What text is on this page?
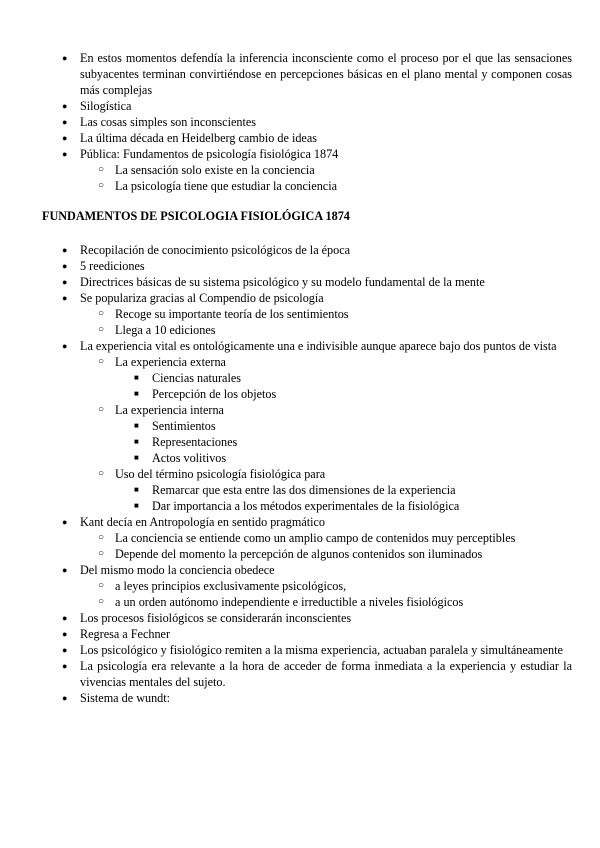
●	En estos momentos defendía la inferencia inconsciente como el proceso por el que las sensaciones subyacentes terminan convirtiéndose en percepciones básicas en el plano mental y componen cosas más complejas
●	Silogística
●	Las cosas simples son inconscientes
●	La última década en Heidelberg cambio de ideas
●	Pública: Fundamentos de psicología fisiológica 1874
○ La sensación solo existe en la conciencia
○ La psicología tiene que estudiar la conciencia
FUNDAMENTOS DE PSICOLOGIA FISIOLÓGICA 1874
●	Recopilación de conocimiento psicológicos de la época
●	5 reediciones
●	Directrices básicas de su sistema psicológico y su modelo fundamental de la mente
●	Se populariza gracias al Compendio de psicología
○ Recoge su importante teoría de los sentimientos
○ Llega a 10 ediciones
●	La experiencia vital es ontológicamente una e indivisible aunque aparece bajo dos puntos de vista
○ La experiencia externa
■ Ciencias naturales
■ Percepción de los objetos
○ La experiencia interna
■ Sentimientos
■ Representaciones
■ Actos volitivos
○ Uso del término psicología fisiológica para
■ Remarcar que esta entre las dos dimensiones de la experiencia
■ Dar importancia a los métodos experimentales de la fisiológica
●	Kant decía en Antropología en sentido pragmático
○ La conciencia se entiende como un amplio campo de contenidos muy perceptibles
○ Depende del momento la percepción de algunos contenidos son iluminados
●	Del mismo modo la conciencia obedece
○ a leyes principios exclusivamente psicológicos,
○ a un orden autónomo independiente e irreductible a niveles fisiológicos
●	Los procesos fisiológicos se considerarán inconscientes
●	Regresa a Fechner
●	Los psicológico y fisiológico remiten a la misma experiencia, actuaban paralela y simultáneamente
●	La psicología era relevante a la hora de acceder de forma inmediata a la experiencia y estudiar la vivencias mentales del sujeto.
●	Sistema de wundt:
